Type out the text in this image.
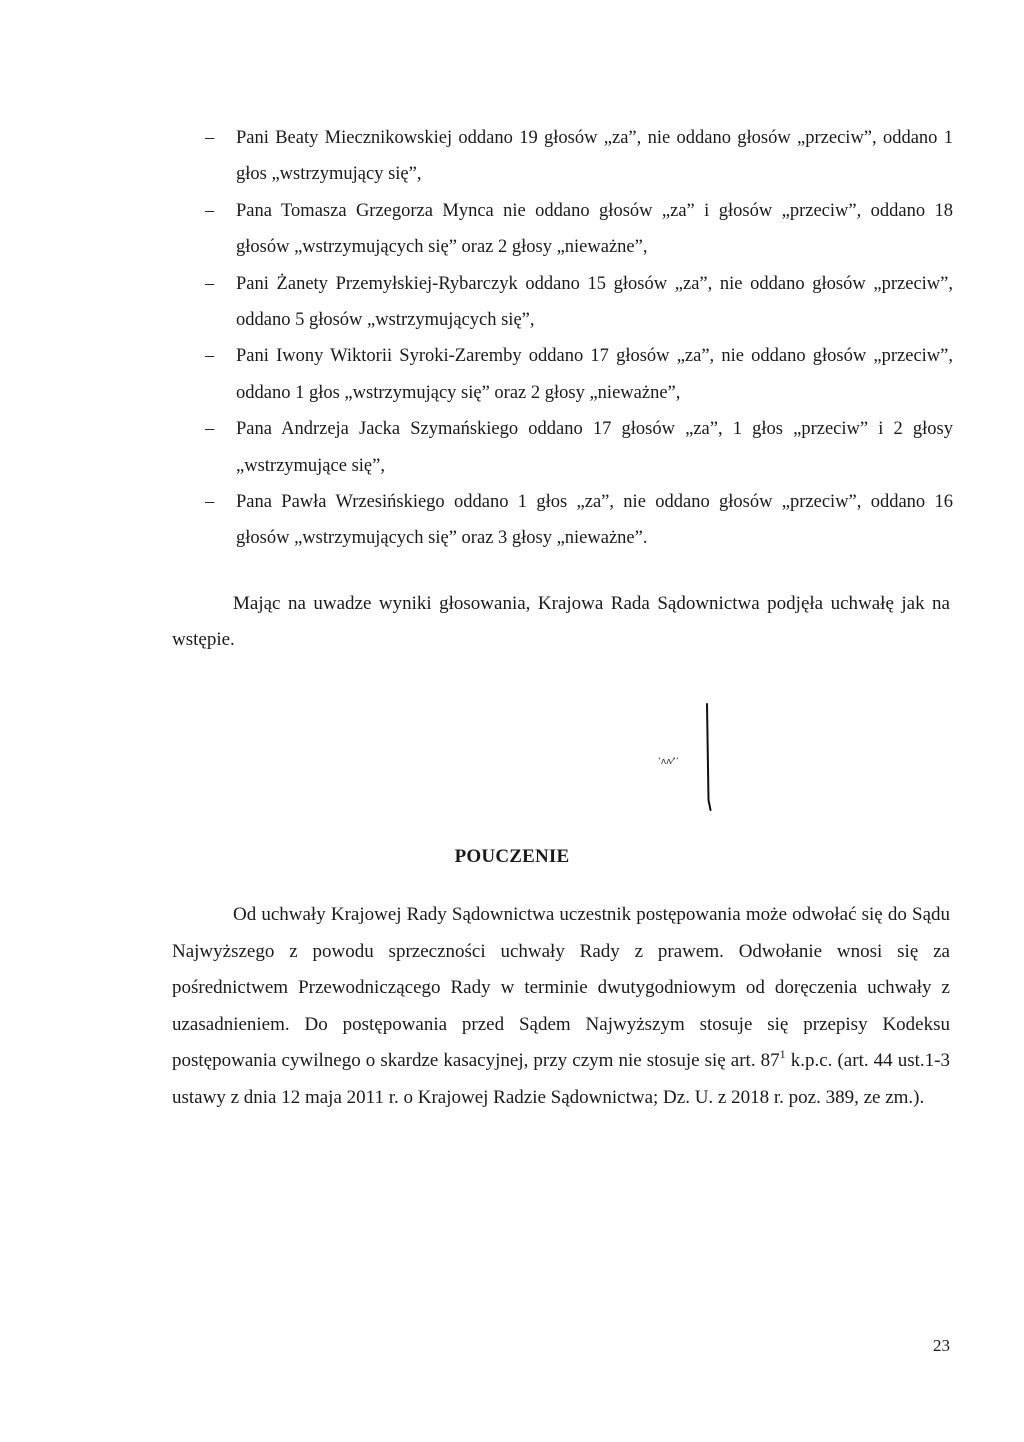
–	Pani Beaty Miecznikowskiej oddano 19 głosów „za”, nie oddano głosów „przeciw”, oddano 1 głos „wstrzymujący się”,
–	Pana Tomasza Grzegorza Mynca nie oddano głosów „za” i głosów „przeciw”, oddano 18 głosów „wstrzymujących się” oraz 2 głosy „nieważne”,
–	Pani Żanety Przemyłskiej-Rybarczyk oddano 15 głosów „za”, nie oddano głosów „przeciw”, oddano 5 głosów „wstrzymujących się”,
–	Pani Iwony Wiktorii Syroki-Zaremby oddano 17 głosów „za”, nie oddano głosów „przeciw”, oddano 1 głos „wstrzymujący się” oraz 2 głosy „nieważne”,
–	Pana Andrzeja Jacka Szymańskiego oddano 17 głosów „za”, 1 głos „przeciw” i 2 głosy „wstrzymujące się”,
–	Pana Pawła Wrzesińskiego oddano 1 głos „za”, nie oddano głosów „przeciw”, oddano 16 głosów „wstrzymujących się” oraz 3 głosy „nieważne”.

Mając na uwadze wyniki głosowania, Krajowa Rada Sądownictwa podjęła uchwałę jak na wstępie.

ʼʌʌ⁄ʼʼ
POUCZENIE

Od uchwały Krajowej Rady Sądownictwa uczestnik postępowania może odwołać się do Sądu Najwyższego z powodu sprzeczności uchwały Rady z prawem. Odwołanie wnosi się za pośrednictwem Przewodniczącego Rady w terminie dwutygodniowym od doręczenia uchwały z uzasadnieniem. Do postępowania przed Sądem Najwyższym stosuje się przepisy Kodeksu postępowania cywilnego o skardze kasacyjnej, przy czym nie stosuje się art. $87^1$ k.p.c. (art. 44 ust.1-3 ustawy z dnia 12 maja 2011 r. o Krajowej Radzie Sądownictwa; Dz. U. z 2018 r. poz. 389, ze zm.).

23
